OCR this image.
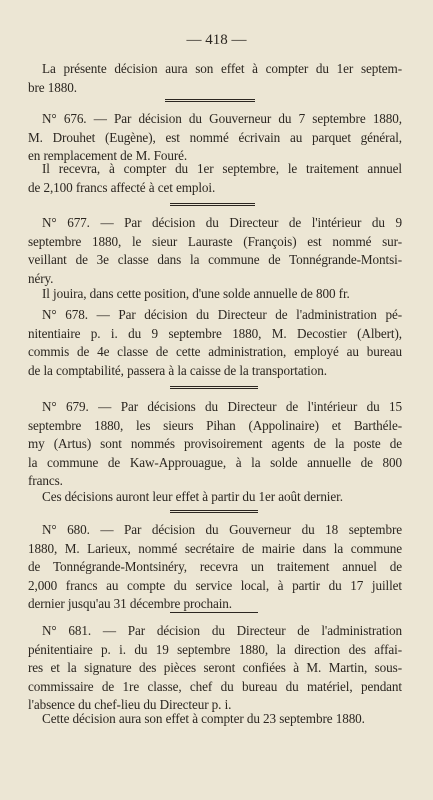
— 418 —

La présente décision aura son effet à compter du 1er septem-
bre 1880.

N° 676. — Par décision du Gouverneur du 7 septembre 1880,
M. Drouhet (Eugène), est nommé écrivain au parquet général,
en remplacement de M. Fouré.

Il recevra, à compter du 1er septembre, le traitement annuel
de 2,100 francs affecté à cet emploi.

N° 677. — Par décision du Directeur de l'intérieur du 9
septembre 1880, le sieur Lauraste (François) est nommé sur-
veillant de 3e classe dans la commune de Tonnégrande-Montsi-
néry.

Il jouira, dans cette position, d'une solde annuelle de 800 fr.

N° 678. — Par décision du Directeur de l'administration pé-
nitentiaire p. i. du 9 septembre 1880, M. Decostier (Albert),
commis de 4e classe de cette administration, employé au bureau
de la comptabilité, passera à la caisse de la transportation.

N° 679. — Par décisions du Directeur de l'intérieur du 15
septembre 1880, les sieurs Pihan (Appolinaire) et Barthéle-
my (Artus) sont nommés provisoirement agents de la poste de
la commune de Kaw-Approuague, à la solde annuelle de 800
francs.

Ces décisions auront leur effet à partir du 1er août dernier.

N° 680. — Par décision du Gouverneur du 18 septembre
1880, M. Larieux, nommé secrétaire de mairie dans la commune
de Tonnégrande-Montsinéry, recevra un traitement annuel de
2,000 francs au compte du service local, à partir du 17 juillet
dernier jusqu'au 31 décembre prochain.

N° 681. — Par décision du Directeur de l'administration
pénitentiaire p. i. du 19 septembre 1880, la direction des affai-
res et la signature des pièces seront confiées à M. Martin, sous-
commissaire de 1re classe, chef du bureau du matériel, pendant
l'absence du chef-lieu du Directeur p. i.

Cette décision aura son effet à compter du 23 septembre 1880.
